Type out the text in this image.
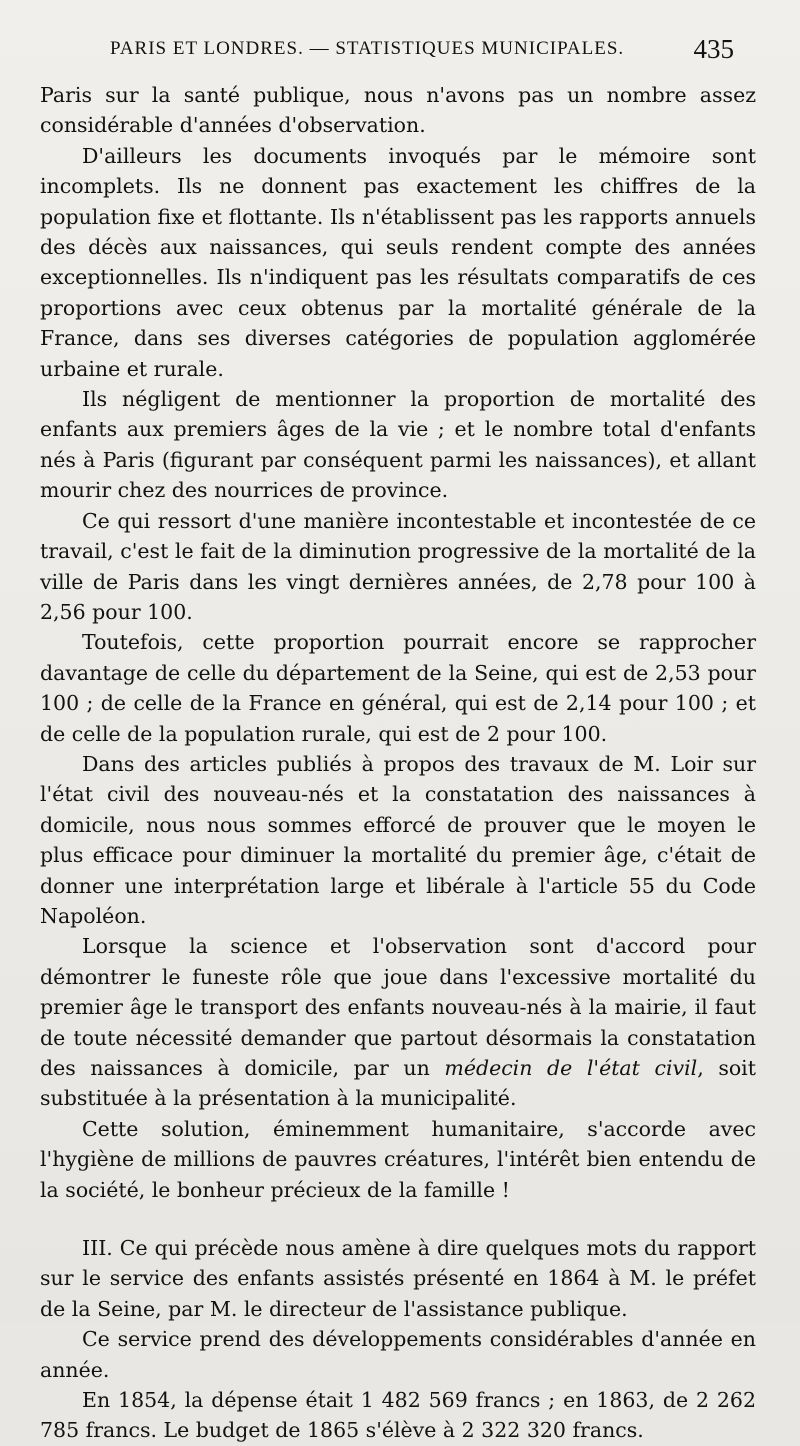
PARIS ET LONDRES. — STATISTIQUES MUNICIPALES.	435

Paris sur la santé publique, nous n'avons pas un nombre assez considérable d'années d'observation.

D'ailleurs les documents invoqués par le mémoire sont incomplets. Ils ne donnent pas exactement les chiffres de la population fixe et flottante. Ils n'établissent pas les rapports annuels des décès aux naissances, qui seuls rendent compte des années exceptionnelles. Ils n'indiquent pas les résultats comparatifs de ces proportions avec ceux obtenus par la mortalité générale de la France, dans ses diverses catégories de population agglomérée urbaine et rurale.

Ils négligent de mentionner la proportion de mortalité des enfants aux premiers âges de la vie ; et le nombre total d'enfants nés à Paris (figurant par conséquent parmi les naissances), et allant mourir chez des nourrices de province.

Ce qui ressort d'une manière incontestable et incontestée de ce travail, c'est le fait de la diminution progressive de la mortalité de la ville de Paris dans les vingt dernières années, de 2,78 pour 100 à 2,56 pour 100.

Toutefois, cette proportion pourrait encore se rapprocher davantage de celle du département de la Seine, qui est de 2,53 pour 100 ; de celle de la France en général, qui est de 2,14 pour 100 ; et de celle de la population rurale, qui est de 2 pour 100.

Dans des articles publiés à propos des travaux de M. Loir sur l'état civil des nouveau-nés et la constatation des naissances à domicile, nous nous sommes efforcé de prouver que le moyen le plus efficace pour diminuer la mortalité du premier âge, c'était de donner une interprétation large et libérale à l'article 55 du Code Napoléon.

Lorsque la science et l'observation sont d'accord pour démontrer le funeste rôle que joue dans l'excessive mortalité du premier âge le transport des enfants nouveau-nés à la mairie, il faut de toute nécessité demander que partout désormais la constatation des naissances à domicile, par un médecin de l'état civil, soit substituée à la présentation à la municipalité.

Cette solution, éminemment humanitaire, s'accorde avec l'hygiène de millions de pauvres créatures, l'intérêt bien entendu de la société, le bonheur précieux de la famille !

III. Ce qui précède nous amène à dire quelques mots du rapport sur le service des enfants assistés présenté en 1864 à M. le préfet de la Seine, par M. le directeur de l'assistance publique.

Ce service prend des développements considérables d'année en année.

En 1854, la dépense était 1 482 569 francs ; en 1863, de 2 262 785 francs. Le budget de 1865 s'élève à 2 322 320 francs.
